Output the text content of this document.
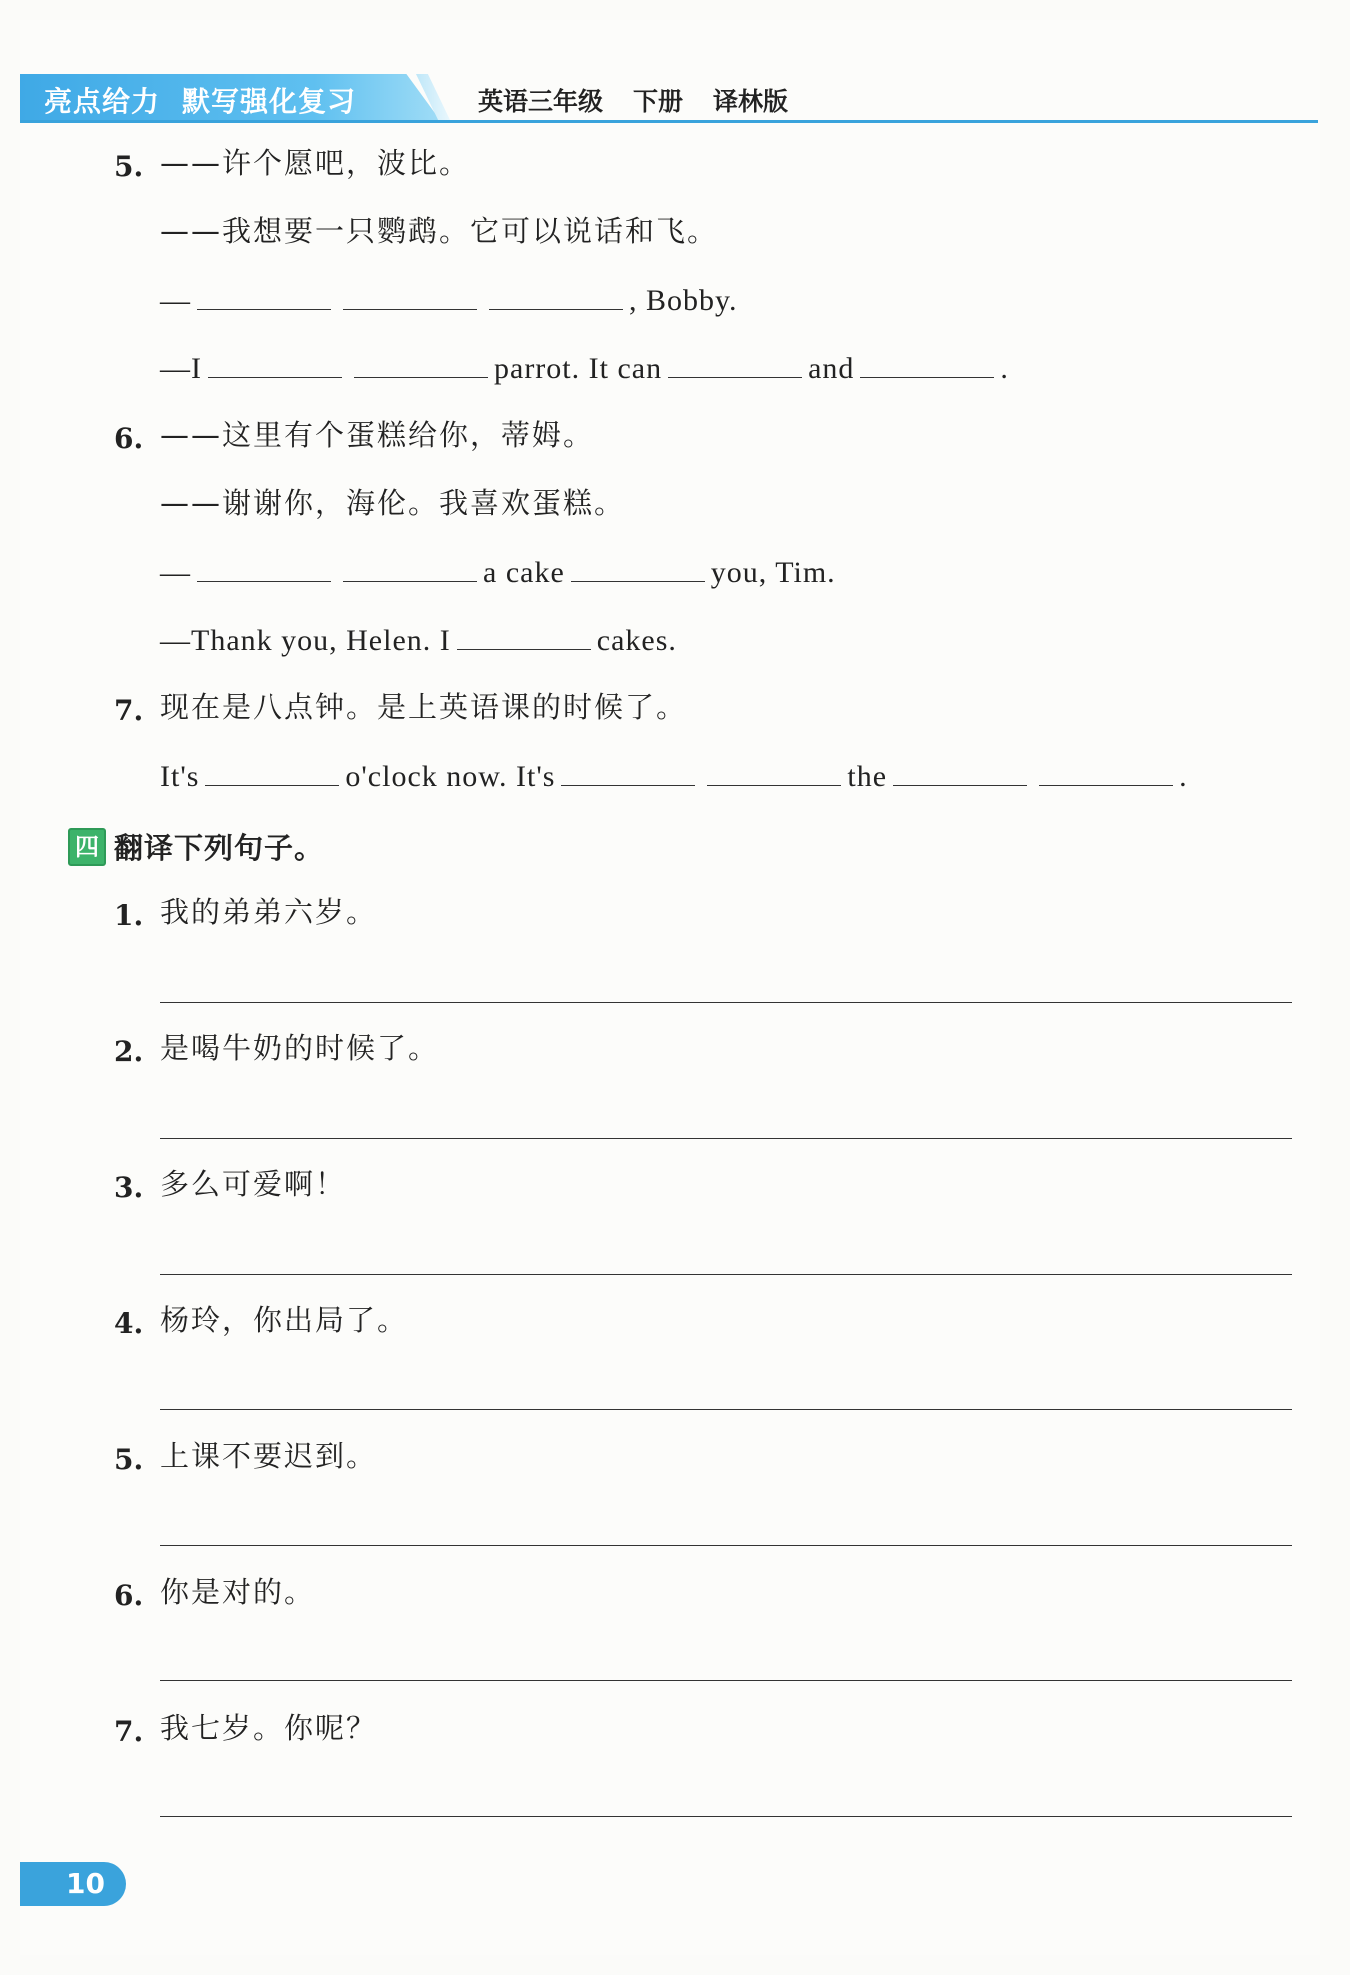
亮点给力 默写强化复习	英语三年级 下册 译林版
5. ——许个愿吧，波比。
——我想要一只鹦鹉。它可以说话和飞。
—	, Bobby.
—I	parrot. It can	and	.
6. ——这里有个蛋糕给你，蒂姆。
——谢谢你，海伦。我喜欢蛋糕。
—	a cake	you, Tim.
—Thank you, Helen. I	cakes.
7. 现在是八点钟。是上英语课的时候了。
It's	o'clock now. It's	the	.
四 翻译下列句子。
1. 我的弟弟六岁。
2. 是喝牛奶的时候了。
3. 多么可爱啊！
4. 杨玲，你出局了。
5. 上课不要迟到。
6. 你是对的。
7. 我七岁。你呢？
10
